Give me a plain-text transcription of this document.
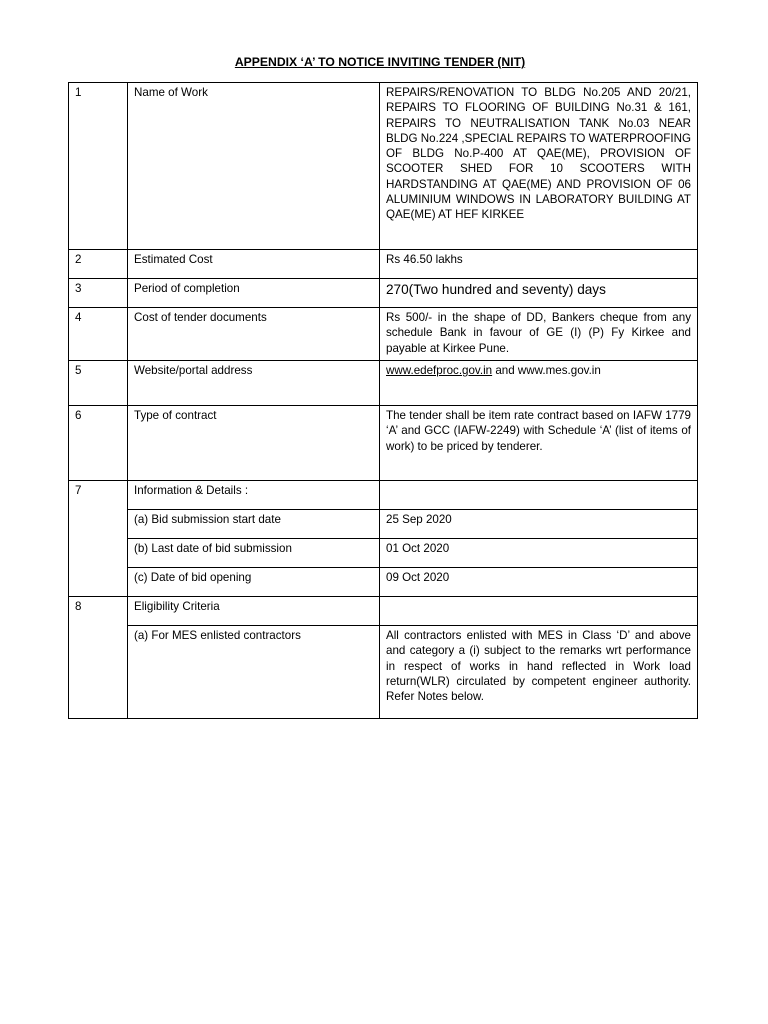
APPENDIX ‘A’ TO NOTICE INVITING TENDER (NIT)
1	Name of Work	REPAIRS/RENOVATION TO BLDG No.205 AND 20/21, REPAIRS TO FLOORING OF BUILDING No.31 & 161, REPAIRS TO NEUTRALISATION TANK No.03 NEAR BLDG No.224 ,SPECIAL REPAIRS TO WATERPROOFING OF BLDG No.P-400 AT QAE(ME), PROVISION OF SCOOTER SHED FOR 10 SCOOTERS WITH HARDSTANDING AT QAE(ME) AND PROVISION OF 06 ALUMINIUM WINDOWS IN LABORATORY BUILDING AT QAE(ME) AT HEF KIRKEE
2	Estimated Cost	Rs 46.50 lakhs
3	Period of completion	270(Two hundred and seventy) days
4	Cost of tender documents	Rs 500/- in the shape of DD, Bankers cheque from any schedule Bank in favour of GE (I) (P) Fy Kirkee and payable at Kirkee Pune.
5	Website/portal address	www.edefproc.gov.in and www.mes.gov.in
6	Type of contract	The tender shall be item rate contract based on IAFW 1779 ‘A’ and GCC (IAFW-2249) with Schedule ‘A’ (list of items of work) to be priced by tenderer.
7	Information & Details :	
	(a) Bid submission start date	25 Sep 2020
	(b) Last date of bid submission	01 Oct 2020
	(c) Date of bid opening	09 Oct 2020
8	Eligibility Criteria	
	(a) For MES enlisted contractors	All contractors enlisted with MES in Class ‘D’ and above and category a (i) subject to the remarks wrt performance in respect of works in hand reflected in Work load return(WLR) circulated by competent engineer authority. Refer Notes below.
